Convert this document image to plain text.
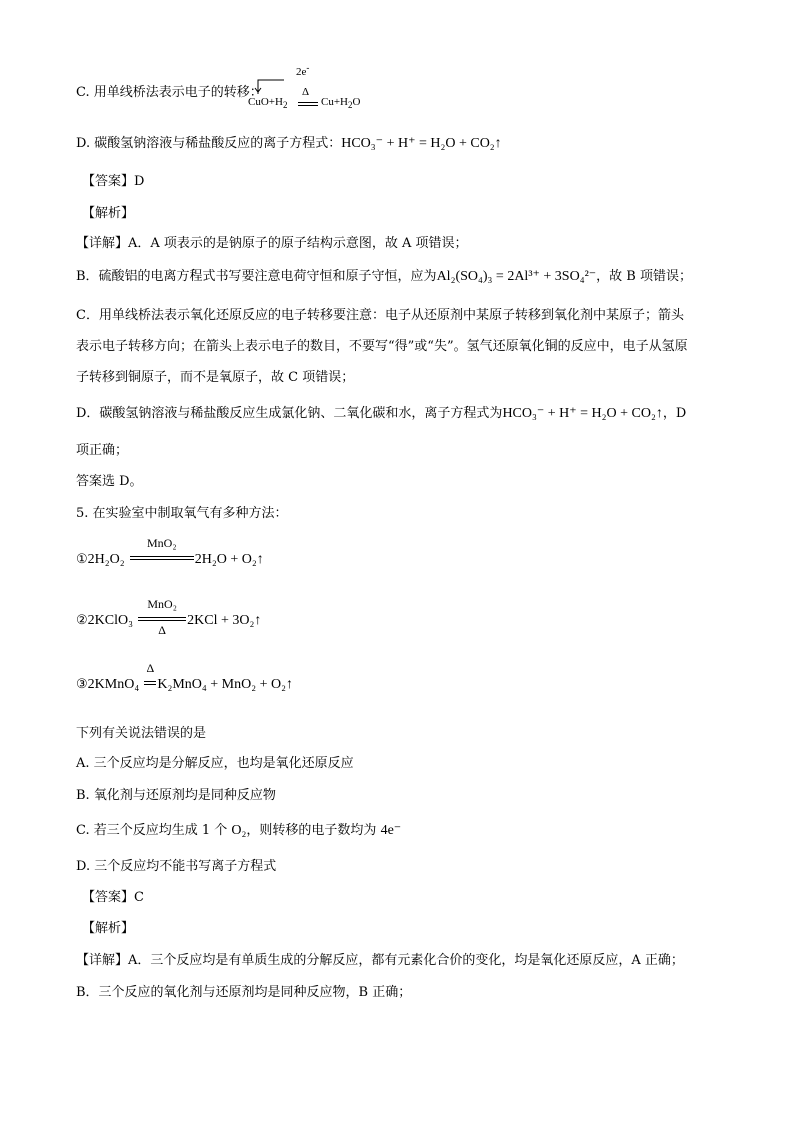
C. 用单线桥法表示电子的转移：
2e-
$CuO+H_2$
Δ
$Cu+H_2O$
D. 碳酸氢钠溶液与稀盐酸反应的离子方程式：HCO₃⁻ + H⁺ = H₂O + CO₂↑
【答案】D
【解析】
【详解】A．A 项表示的是钠原子的原子结构示意图，故 A 项错误；
B．硫酸铝的电离方程式书写要注意电荷守恒和原子守恒，应为Al₂(SO₄)₃ = 2Al³⁺ + 3SO₄²⁻，故 B 项错误；
C．用单线桥法表示氧化还原反应的电子转移要注意：电子从还原剂中某原子转移到氧化剂中某原子；箭头
表示电子转移方向；在箭头上表示电子的数目，不要写“得”或“失”。氢气还原氧化铜的反应中，电子从氢原
子转移到铜原子，而不是氧原子，故 C 项错误；
D．碳酸氢钠溶液与稀盐酸反应生成氯化钠、二氧化碳和水，离子方程式为HCO₃⁻ + H⁺ = H₂O + CO₂↑，D
项正确；
答案选 D。
5. 在实验室中制取氧气有多种方法：
①2H₂O₂
MnO₂
2H₂O + O₂↑
②2KClO₃
MnO₂
Δ
2KCl + 3O₂↑
③2KMnO₄
Δ
K₂MnO₄ + MnO₂ + O₂↑
下列有关说法错误的是
A. 三个反应均是分解反应，也均是氧化还原反应
B. 氧化剂与还原剂均是同种反应物
C. 若三个反应均生成 1 个 O₂，则转移的电子数均为 4e⁻
D. 三个反应均不能书写离子方程式
【答案】C
【解析】
【详解】A．三个反应均是有单质生成的分解反应，都有元素化合价的变化，均是氧化还原反应，A 正确；
B．三个反应的氧化剂与还原剂均是同种反应物，B 正确；
